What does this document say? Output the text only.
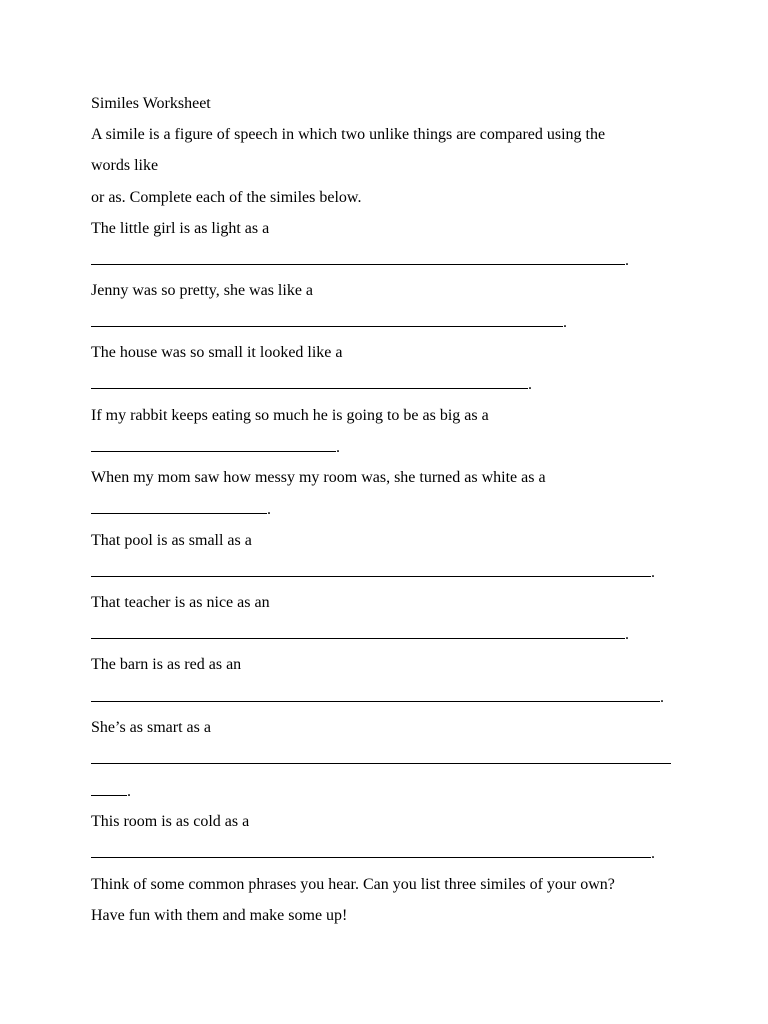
Similes Worksheet
A simile is a figure of speech in which two unlike things are compared using the
words like
or as. Complete each of the similes below.
The little girl is as light as a
.
Jenny was so pretty, she was like a
.
The house was so small it looked like a
.
If my rabbit keeps eating so much he is going to be as big as a
.
When my mom saw how messy my room was, she turned as white as a
.
That pool is as small as a
.
That teacher is as nice as an
.
The barn is as red as an
.
She’s as smart as a
.
This room is as cold as a
.
Think of some common phrases you hear. Can you list three similes of your own?
Have fun with them and make some up!
